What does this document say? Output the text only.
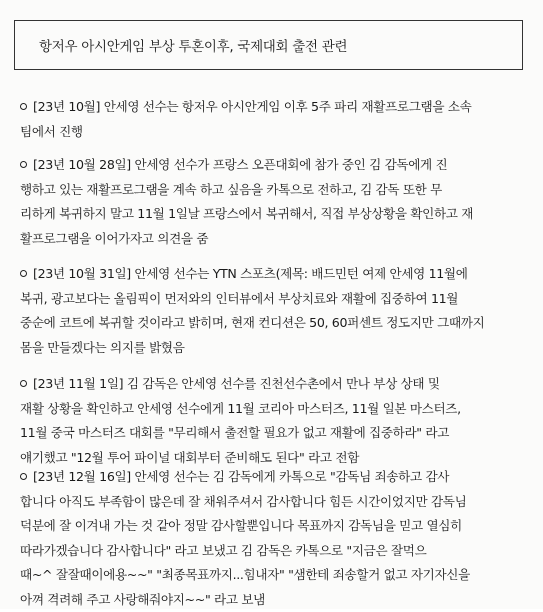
항저우 아시안게임 부상 투혼이후, 국제대회 출전 관련
[23년 10월] 안세영 선수는 항저우 아시안게임 이후 5주 파리 재활프로그램을 소속
팀에서 진행
[23년 10월 28일] 안세영 선수가 프랑스 오픈대회에 참가 중인 김 감독에게 진
행하고 있는 재활프로그램을 계속 하고 싶음을 카톡으로 전하고, 김 감독 또한 무
리하게 복귀하지 말고 11월 1일날 프랑스에서 복귀해서, 직접 부상상황을 확인하고 재
활프로그램을 이어가자고 의견을 줌
[23년 10월 31일] 안세영 선수는 YTN 스포츠(제목: 배드민턴 여제 안세영 11월에
복귀, 광고보다는 올림픽이 먼저와의 인터뷰에서 부상치료와 재활에 집중하여 11월
중순에 코트에 복귀할 것이라고 밝히며, 현재 컨디션은 50, 60퍼센트 정도지만 그때까지
몸을 만들겠다는 의지를 밝혔음
[23년 11월 1일] 김 감독은 안세영 선수를 진천선수촌에서 만나 부상 상태 및
재활 상황을 확인하고 안세영 선수에게 11월 코리아 마스터즈, 11월 일본 마스터즈,
11월 중국 마스터즈 대회를 "무리해서 출전할 필요가 없고 재활에 집중하라" 라고
얘기했고 "12월 투어 파이널 대회부터 준비해도 된다" 라고 전함
[23년 12월 16일] 안세영 선수는 김 감독에게 카톡으로 "감독님 죄송하고 감사
합니다 아직도 부족함이 많은데 잘 채워주셔서 감사합니다 힘든 시간이었지만 감독님
덕분에 잘 이겨내 가는 것 같아 정말 감사할뿐입니다 목표까지 감독님을 믿고 열심히
따라가겠습니다 감사합니다" 라고 보냈고 김 감독은 카톡으로 "지금은 잘먹으
때~^ 잘잘때이에용~~" "최종목표까지...힘내자" "샘한테 죄송할거 없고 자기자신을
아껴 격려해 주고 사랑해줘야지~~" 라고 보냄
